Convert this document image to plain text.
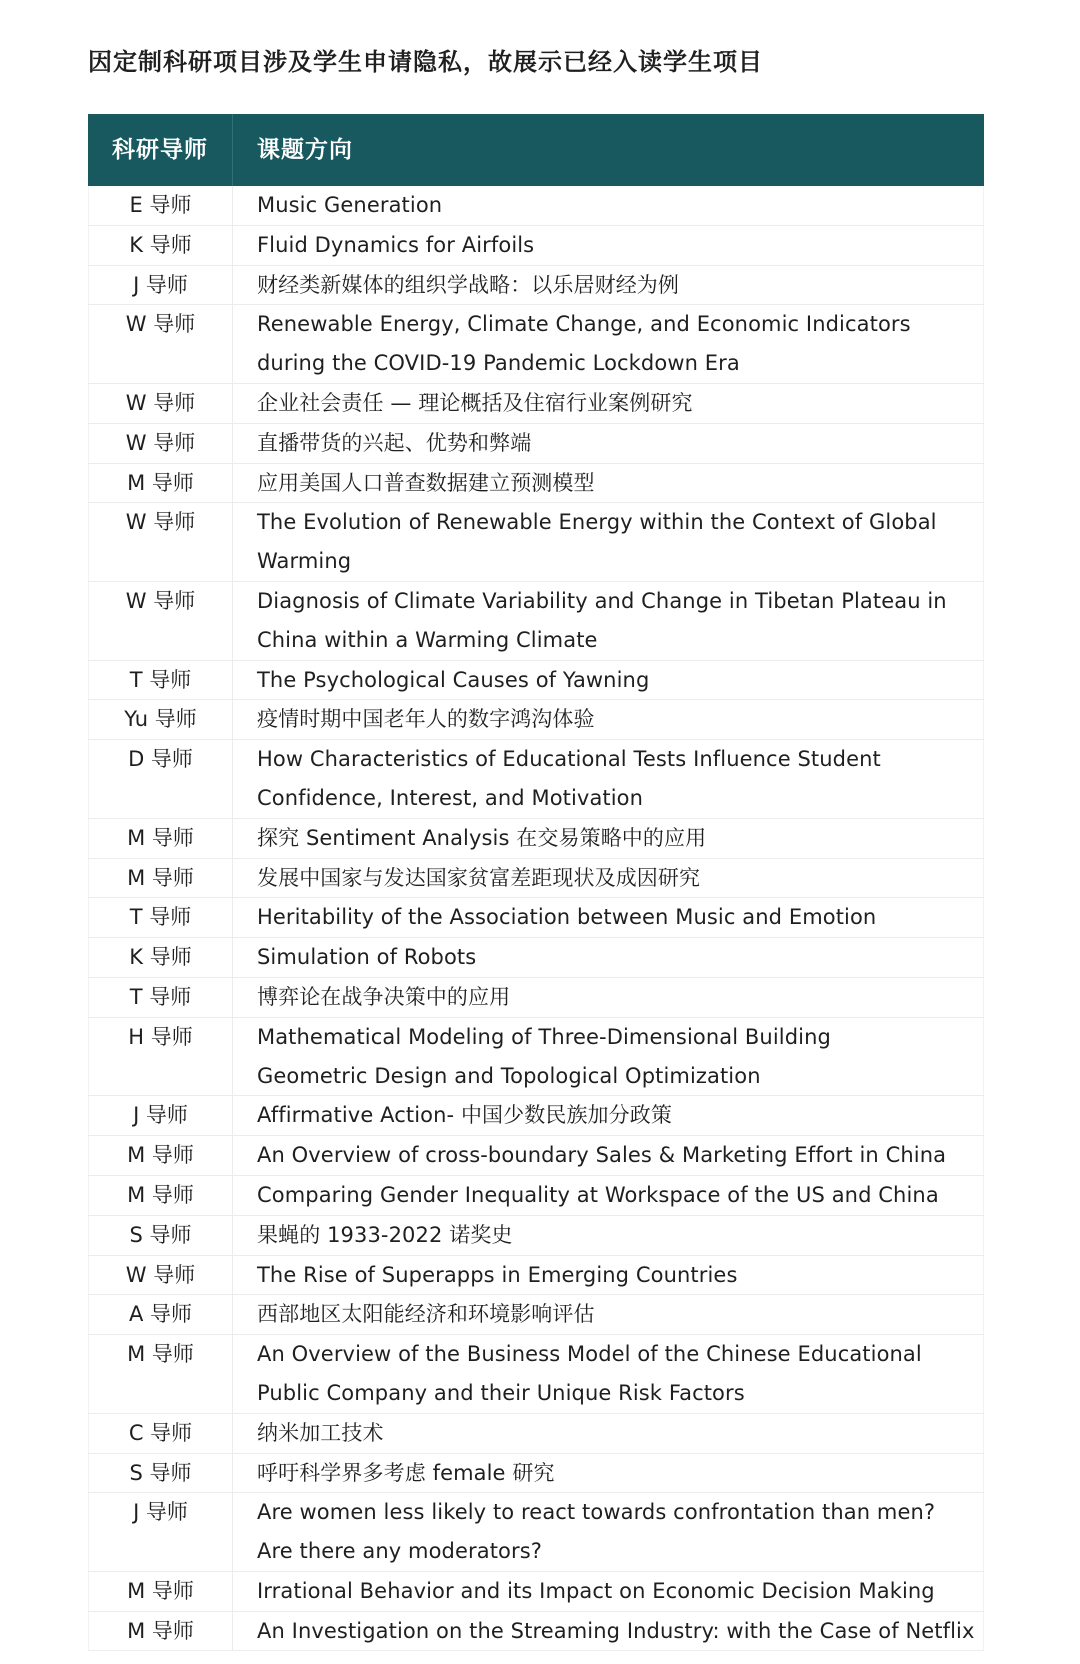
因定制科研项目涉及学生申请隐私，故展示已经入读学生项目
科研导师	课题方向
E 导师	Music Generation
K 导师	Fluid Dynamics for Airfoils
J 导师	财经类新媒体的组织学战略：以乐居财经为例
W 导师	Renewable Energy, Climate Change, and Economic Indicators
during the COVID-19 Pandemic Lockdown Era
W 导师	企业社会责任 — 理论概括及住宿行业案例研究
W 导师	直播带货的兴起、优势和弊端
M 导师	应用美国人口普查数据建立预测模型
W 导师	The Evolution of Renewable Energy within the Context of Global
Warming
W 导师	Diagnosis of Climate Variability and Change in Tibetan Plateau in
China within a Warming Climate
T 导师	The Psychological Causes of Yawning
Yu 导师	疫情时期中国老年人的数字鸿沟体验
D 导师	How Characteristics of Educational Tests Influence Student
Confidence, Interest, and Motivation
M 导师	探究 Sentiment Analysis 在交易策略中的应用
M 导师	发展中国家与发达国家贫富差距现状及成因研究
T 导师	Heritability of the Association between Music and Emotion
K 导师	Simulation of Robots
T 导师	博弈论在战争决策中的应用
H 导师	Mathematical Modeling of Three-Dimensional Building
Geometric Design and Topological Optimization
J 导师	Affirmative Action- 中国少数民族加分政策
M 导师	An Overview of cross-boundary Sales & Marketing Effort in China
M 导师	Comparing Gender Inequality at Workspace of the US and China
S 导师	果蝇的 1933-2022 诺奖史
W 导师	The Rise of Superapps in Emerging Countries
A 导师	西部地区太阳能经济和环境影响评估
M 导师	An Overview of the Business Model of the Chinese Educational
Public Company and their Unique Risk Factors
C 导师	纳米加工技术
S 导师	呼吁科学界多考虑 female 研究
J 导师	Are women less likely to react towards confrontation than men?
Are there any moderators?
M 导师	Irrational Behavior and its Impact on Economic Decision Making
M 导师	An Investigation on the Streaming Industry: with the Case of Netflix
